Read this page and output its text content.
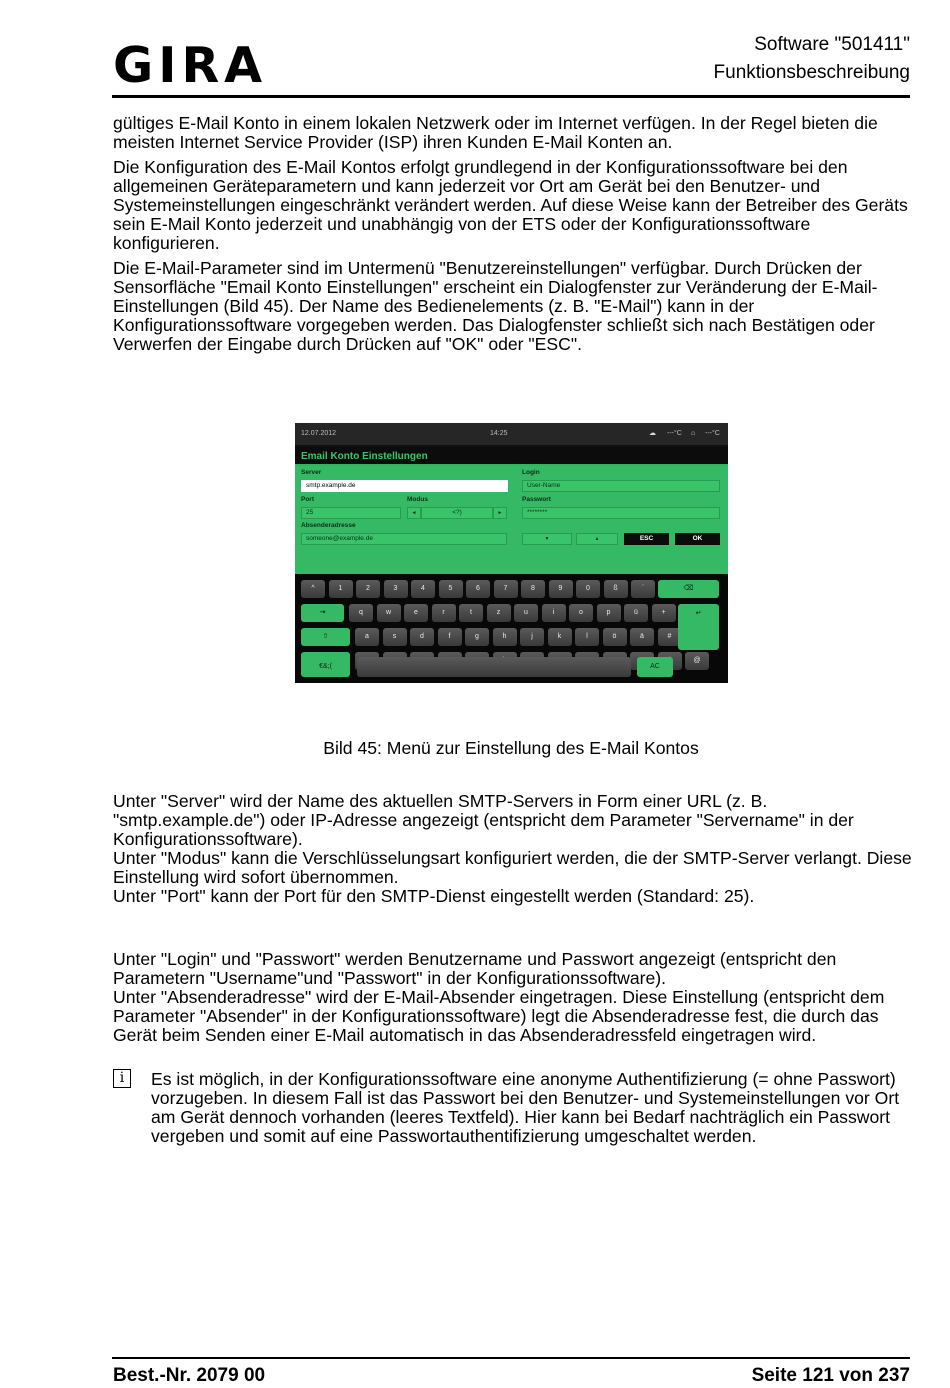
GIRA	Software "501411"
Funktionsbeschreibung

gültiges E-Mail Konto in einem lokalen Netzwerk oder im Internet verfügen. In der Regel bieten die meisten Internet Service Provider (ISP) ihren Kunden E-Mail Konten an.

Die Konfiguration des E-Mail Kontos erfolgt grundlegend in der Konfigurationssoftware bei den allgemeinen Geräteparametern und kann jederzeit vor Ort am Gerät bei den Benutzer- und Systemeinstellungen eingeschränkt verändert werden. Auf diese Weise kann der Betreiber des Geräts sein E-Mail Konto jederzeit und unabhängig von der ETS oder der Konfigurationssoftware konfigurieren.

Die E-Mail-Parameter sind im Untermenü "Benutzereinstellungen" verfügbar. Durch Drücken der Sensorfläche "Email Konto Einstellungen" erscheint ein Dialogfenster zur Veränderung der E-Mail-Einstellungen (Bild 45). Der Name des Bedienelements (z. B. "E-Mail") kann in der Konfigurationssoftware vorgegeben werden. Das Dialogfenster schließt sich nach Bestätigen oder Verwerfen der Eingabe durch Drücken auf "OK" oder "ESC".

12.07.2012	14:25	☁ ---°C ⌂ ---°C
Email Konto Einstellungen
Server	Login
smtp.example.de	User-Name
Port	Modus	Passwort
25	◄	<?)	►	********
Absenderadresse
someone@example.de	▼	▲	ESC	OK
^	1	2	3	4	5	6	7	8	9	0	ß	´
q	w	e	r	t	z	u	i	o	p	ü	+
a	s	d	f	g	h	j	k	l	ö	ä	#
@
⌫
⇥	↵
⇧
€&;(	AC
Bild 45: Menü zur Einstellung des E-Mail Kontos

Unter "Server" wird der Name des aktuellen SMTP-Servers in Form einer URL (z. B. "smtp.example.de") oder IP-Adresse angezeigt (entspricht dem Parameter "Servername" in der Konfigurationssoftware).

Unter "Modus" kann die Verschlüsselungsart konfiguriert werden, die der SMTP-Server verlangt. Diese Einstellung wird sofort übernommen.

Unter "Port" kann der Port für den SMTP-Dienst eingestellt werden (Standard: 25).

Unter "Login" und "Passwort" werden Benutzername und Passwort angezeigt (entspricht den Parametern "Username"und "Passwort" in der Konfigurationssoftware).

Unter "Absenderadresse" wird der E-Mail-Absender eingetragen. Diese Einstellung (entspricht dem Parameter "Absender" in der Konfigurationssoftware) legt die Absenderadresse fest, die durch das Gerät beim Senden einer E-Mail automatisch in das Absenderadressfeld eingetragen wird.

i	Es ist möglich, in der Konfigurationssoftware eine anonyme Authentifizierung (= ohne Passwort) vorzugeben. In diesem Fall ist das Passwort bei den Benutzer- und Systemeinstellungen vor Ort am Gerät dennoch vorhanden (leeres Textfeld). Hier kann bei Bedarf nachträglich ein Passwort vergeben und somit auf eine Passwortauthentifizierung umgeschaltet werden.

Best.-Nr. 2079 00	Seite 121 von 237
